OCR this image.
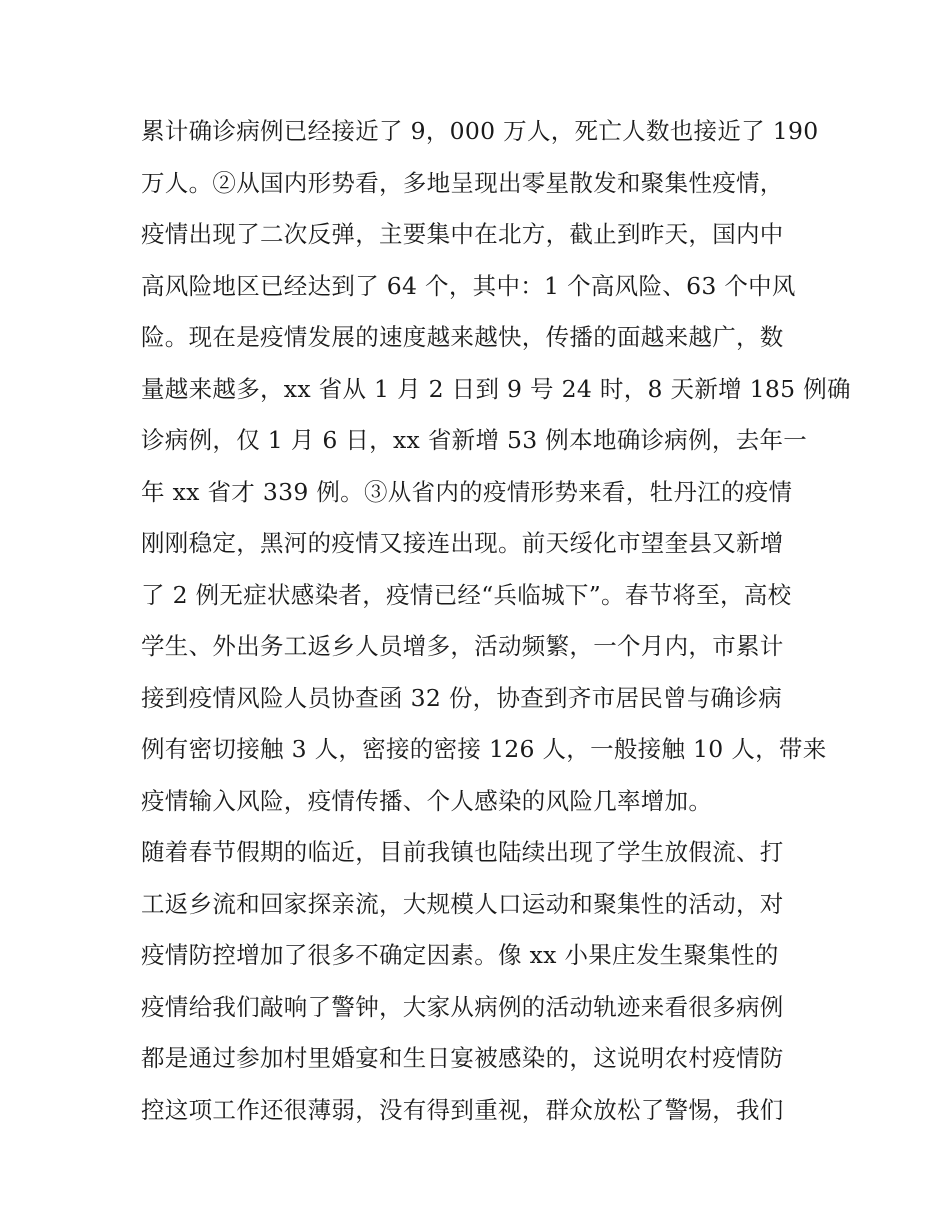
累计确诊病例已经接近了 9，000 万人，死亡人数也接近了 190
万人。②从国内形势看，多地呈现出零星散发和聚集性疫情，
疫情出现了二次反弹，主要集中在北方，截止到昨天，国内中
高风险地区已经达到了 64 个，其中：1 个高风险、63 个中风
险。现在是疫情发展的速度越来越快，传播的面越来越广，数
量越来越多，xx 省从 1 月 2 日到 9 号 24 时，8 天新增 185 例确
诊病例，仅 1 月 6 日，xx 省新增 53 例本地确诊病例，去年一
年 xx 省才 339 例。③从省内的疫情形势来看，牡丹江的疫情
刚刚稳定，黑河的疫情又接连出现。前天绥化市望奎县又新增
了 2 例无症状感染者，疫情已经“兵临城下”。春节将至，高校
学生、外出务工返乡人员增多，活动频繁，一个月内，市累计
接到疫情风险人员协查函 32 份，协查到齐市居民曾与确诊病
例有密切接触 3 人，密接的密接 126 人，一般接触 10 人，带来
疫情输入风险，疫情传播、个人感染的风险几率增加。
随着春节假期的临近，目前我镇也陆续出现了学生放假流、打
工返乡流和回家探亲流，大规模人口运动和聚集性的活动，对
疫情防控增加了很多不确定因素。像 xx 小果庄发生聚集性的
疫情给我们敲响了警钟，大家从病例的活动轨迹来看很多病例
都是通过参加村里婚宴和生日宴被感染的，这说明农村疫情防
控这项工作还很薄弱，没有得到重视，群众放松了警惕，我们
